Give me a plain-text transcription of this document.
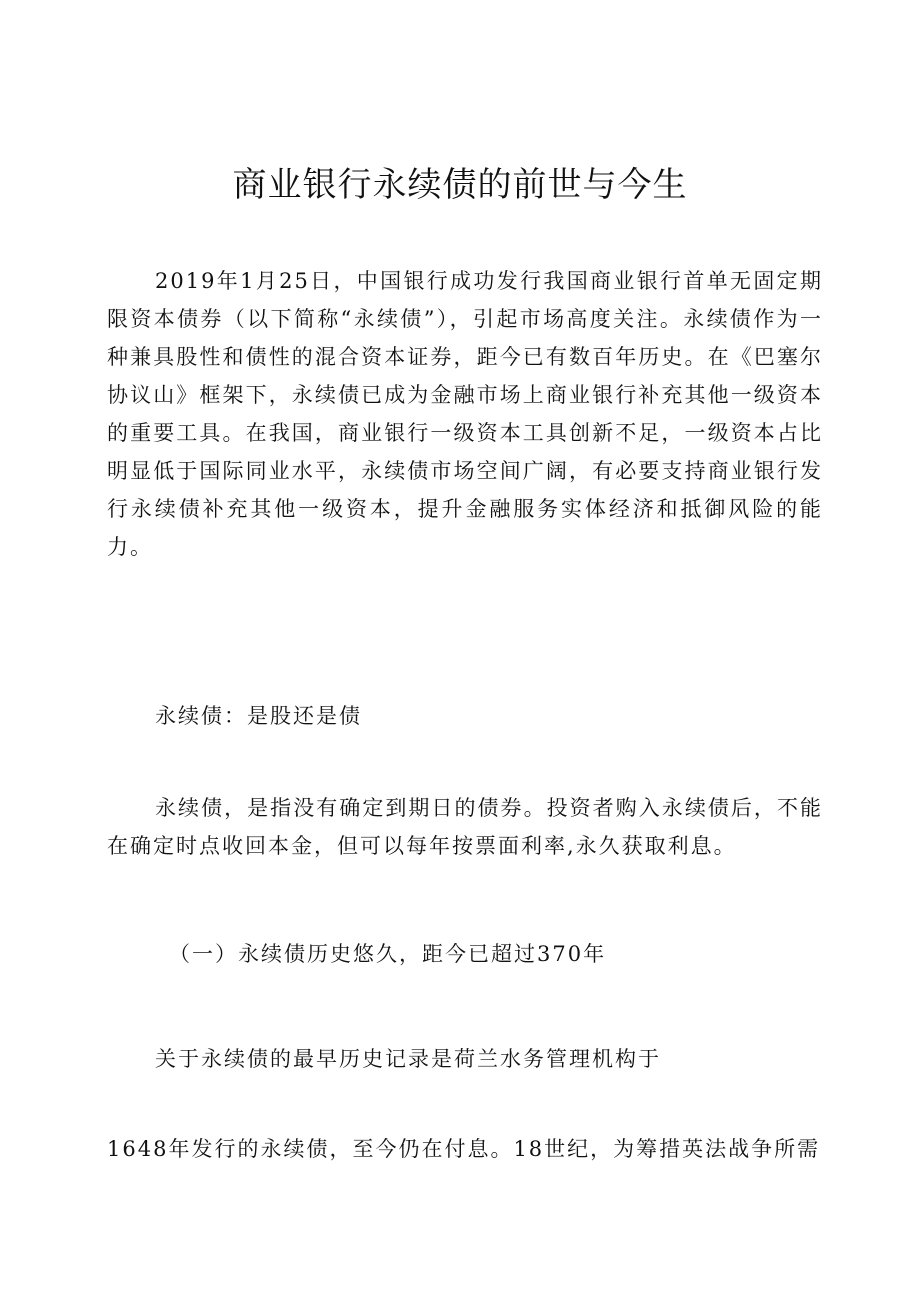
商业银行永续债的前世与今生

2019年1月25日，中国银行成功发行我国商业银行首单无固定期限资本债券（以下简称“永续债”），引起市场高度关注。永续债作为一种兼具股性和债性的混合资本证券，距今已有数百年历史。在《巴塞尔协议山》框架下，永续债已成为金融市场上商业银行补充其他一级资本的重要工具。在我国，商业银行一级资本工具创新不足，一级资本占比明显低于国际同业水平，永续债市场空间广阔，有必要支持商业银行发行永续债补充其他一级资本，提升金融服务实体经济和抵御风险的能力。

永续债：是股还是债

永续债，是指没有确定到期日的债券。投资者购入永续债后，不能在确定时点收回本金，但可以每年按票面利率,永久获取利息。

（一）永续债历史悠久，距今已超过370年

关于永续债的最早历史记录是荷兰水务管理机构于

1648年发行的永续债，至今仍在付息。18世纪，为筹措英法战争所需
